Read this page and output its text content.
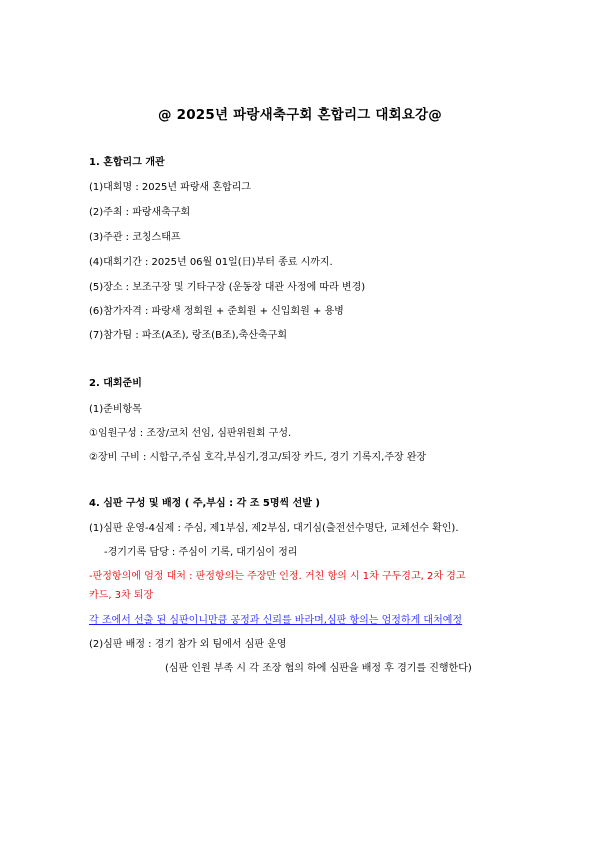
@ 2025년 파랑새축구회 혼합리그 대회요강@
1. 혼합리그 개관
(1)대회명 : 2025년 파랑새 혼합리그
(2)주최 : 파랑새축구회
(3)주관 : 코칭스태프
(4)대회기간 : 2025년 06월 01일(日)부터 종료 시까지.
(5)장소 : 보조구장 및 기타구장 (운동장 대관 사정에 따라 변경)
(6)참가자격 : 파랑새 정회원 + 준회원 + 신입회원 + 용병
(7)참가팀 : 파조(A조), 랑조(B조),축산축구회
2. 대회준비
(1)준비항목
①임원구성 : 조장/코치 선임, 심판위원회 구성.
②장비 구비 : 시합구,주심 호각,부심기,경고/퇴장 카드, 경기 기록지,주장 완장
4. 심판 구성 및 배정 ( 주,부심 : 각 조 5명씩 선발 )
(1)심판 운영-4심제 : 주심, 제1부심, 제2부심, 대기심(출전선수명단, 교체선수 확인).
-경기기록 담당 : 주심이 기록, 대기심이 정리
-판정항의에 엄정 대처 : 판정항의는 주장만 인정. 거친 항의 시 1차 구두경고, 2차 경고
카드, 3차 퇴장
각 조에서 선출 된 심판이니만큼 공정과 신뢰를 바라며,심판 항의는 엄정하게 대처예정
(2)심판 배정 : 경기 참가 외 팀에서 심판 운영
(심판 인원 부족 시 각 조장 협의 하에 심판을 배정 후 경기를 진행한다)
